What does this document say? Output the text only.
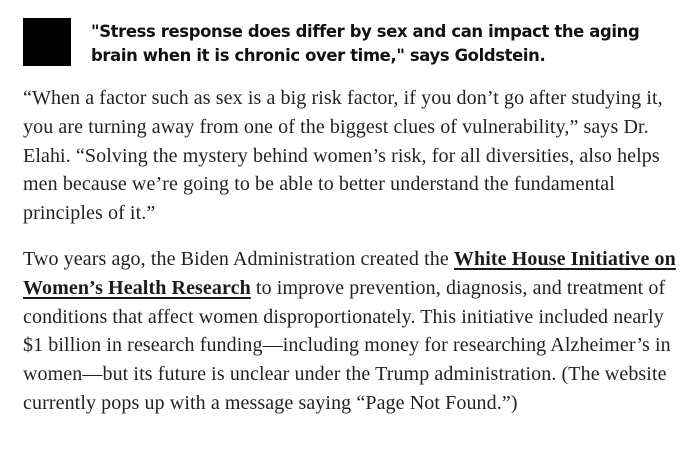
"Stress response does differ by sex and can impact the aging brain when it is chronic over time," says Goldstein.

“When a factor such as sex is a big risk factor, if you don’t go after studying it, you are turning away from one of the biggest clues of vulnerability,” says Dr. Elahi. “Solving the mystery behind women’s risk, for all diversities, also helps men because we’re going to be able to better understand the fundamental principles of it.”

Two years ago, the Biden Administration created the White House Initiative on Women’s Health Research to improve prevention, diagnosis, and treatment of conditions that affect women disproportionately. This initiative included nearly $1 billion in research funding—including money for researching Alzheimer’s in women—but its future is unclear under the Trump administration. (The website currently pops up with a message saying “Page Not Found.”)
